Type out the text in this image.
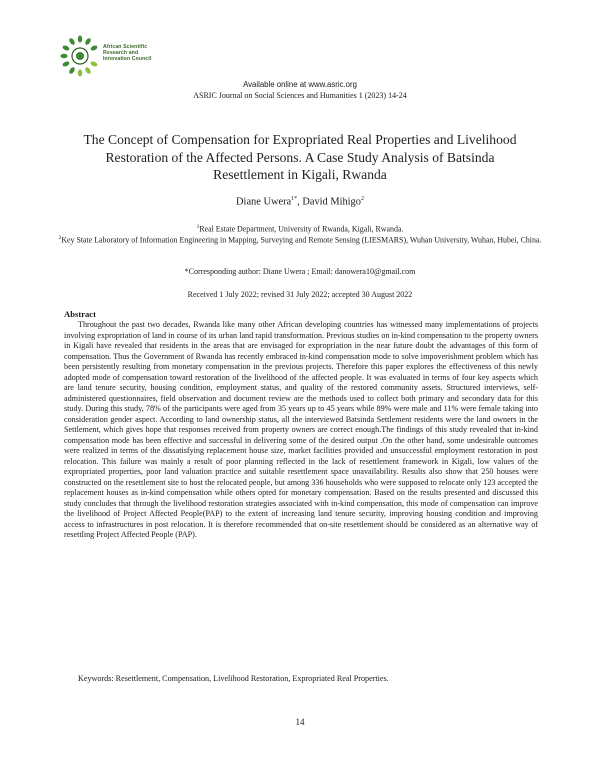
African Scientific
Research and
Innovation Council
Available online at www.asric.org
ASRIC Journal on Social Sciences and Humanities 1 (2023) 14-24
The Concept of Compensation for Expropriated Real Properties and Livelihood Restoration of the Affected Persons. A Case Study Analysis of Batsinda Resettlement in Kigali, Rwanda
Diane Uwera$^{1*}$, David Mihigo$^2$
$^1$Real Estate Department, University of Rwanda, Kigali, Rwanda.
$^2$Key State Laboratory of Information Engineering in Mapping, Surveying and Remote Sensing (LIESMARS), Wuhan University, Wuhan, Hubei, China.
*Corresponding author: Diane Uwera ; Email: danowera10@gmail.com
Received 1 July 2022; revised 31 July 2022; accepted 30 August 2022
Abstract

Throughout the past two decades, Rwanda like many other African developing countries has witnessed many implementations of projects involving expropriation of land in course of its urban land rapid transformation. Previous studies on in-kind compensation to the property owners in Kigali have revealed that residents in the areas that are envisaged for expropriation in the near future doubt the advantages of this form of compensation. Thus the Government of Rwanda has recently embraced in-kind compensation mode to solve impoverishment problem which has been persistently resulting from monetary compensation in the previous projects. Therefore this paper explores the effectiveness of this newly adopted mode of compensation toward restoration of the livelihood of the affected people. It was evaluated in terms of four key aspects which are land tenure security, housing condition, employment status, and quality of the restored community assets. Structured interviews, self-administered questionnaires, field observation and document review are the methods used to collect both primary and secondary data for this study. During this study, 78% of the participants were aged from 35 years up to 45 years while 89% were male and 11% were female taking into consideration gender aspect. According to land ownership status, all the interviewed Batsinda Settlement residents were the land owners in the Settlement, which gives hope that responses received from property owners are correct enough.The findings of this study revealed that in-kind compensation mode has been effective and successful in delivering some of the desired output .On the other hand, some undesirable outcomes were realized in terms of the dissatisfying replacement house size, market facilities provided and unsuccessful employment restoration in post relocation. This failure was mainly a result of poor planning reflected in the lack of resettlement framework in Kigali, low values of the expropriated properties, poor land valuation practice and suitable resettlement space unavailability. Results also show that 250 houses were constructed on the resettlement site to host the relocated people, but among 336 households who were supposed to relocate only 123 accepted the replacement houses as in-kind compensation while others opted for monetary compensation. Based on the results presented and discussed this study concludes that through the livelihood restoration strategies associated with in-kind compensation, this mode of compensation can improve the livelihood of Project Affected People(PAP) to the extent of increasing land tenure security, improving housing condition and improving access to infrastructures in post relocation. It is therefore recommended that on-site resettlement should be considered as an alternative way of resettling Project Affected People (PAP).

Keywords: Resettlement, Compensation, Livelihood Restoration, Expropriated Real Properties.
14
